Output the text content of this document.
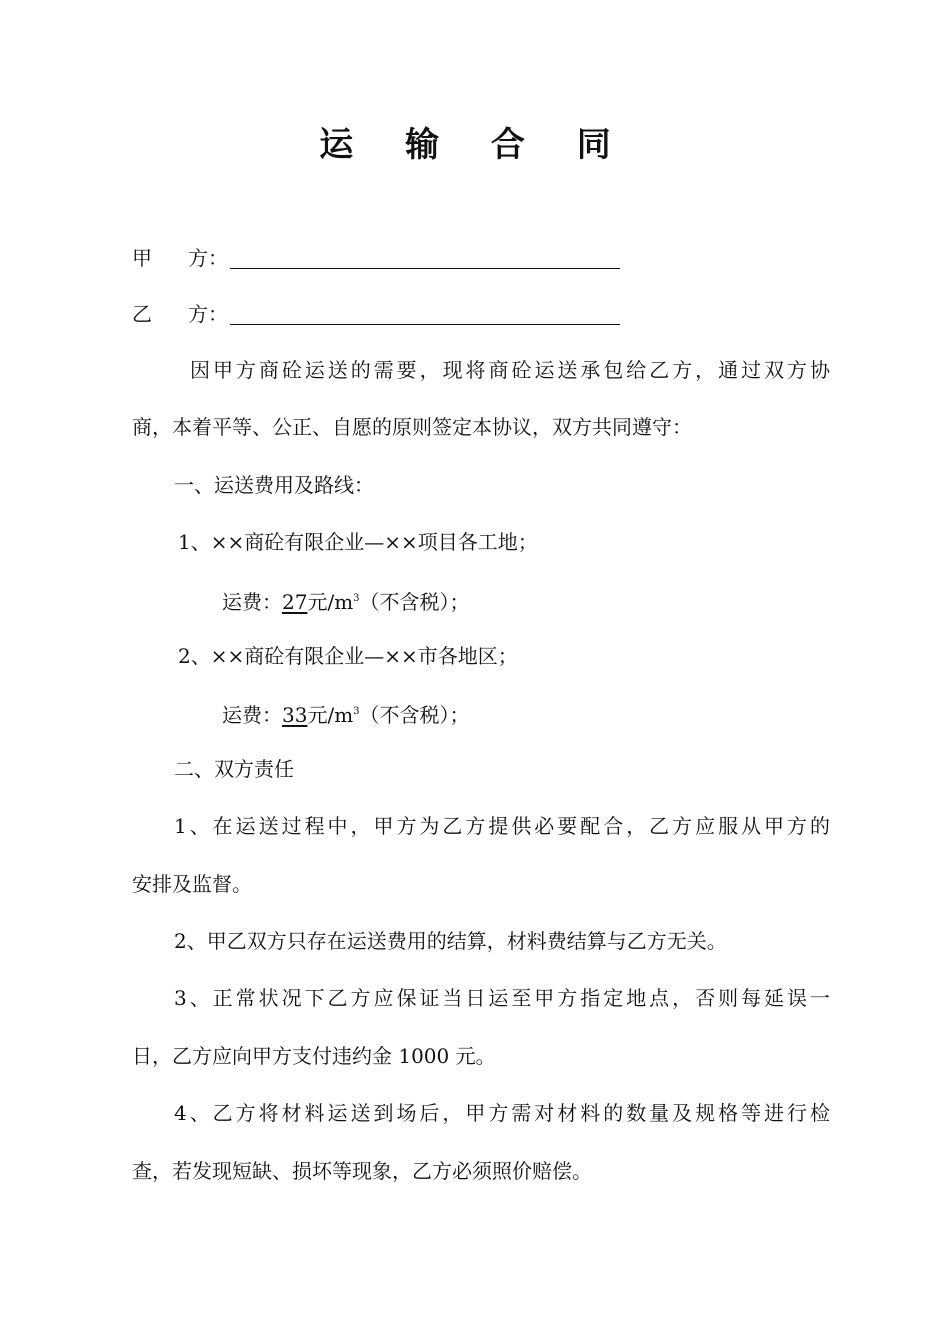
运 输 合 同
甲 方：
乙 方：
因甲方商砼运送的需要，现将商砼运送承包给乙方，通过双方协
商，本着平等、公正、自愿的原则签定本协议，双方共同遵守：
一、运送费用及路线：
1、××商砼有限企业—××项目各工地；
运费：27元$/m^3$（不含税）；
2、××商砼有限企业—××市各地区；
运费：33元$/m^3$（不含税）；
二、双方责任
1、在运送过程中，甲方为乙方提供必要配合，乙方应服从甲方的
安排及监督。
2、甲乙双方只存在运送费用的结算，材料费结算与乙方无关。
3、正常状况下乙方应保证当日运至甲方指定地点，否则每延误一
日，乙方应向甲方支付违约金 1000 元。
4、乙方将材料运送到场后，甲方需对材料的数量及规格等进行检
查，若发现短缺、损坏等现象，乙方必须照价赔偿。
